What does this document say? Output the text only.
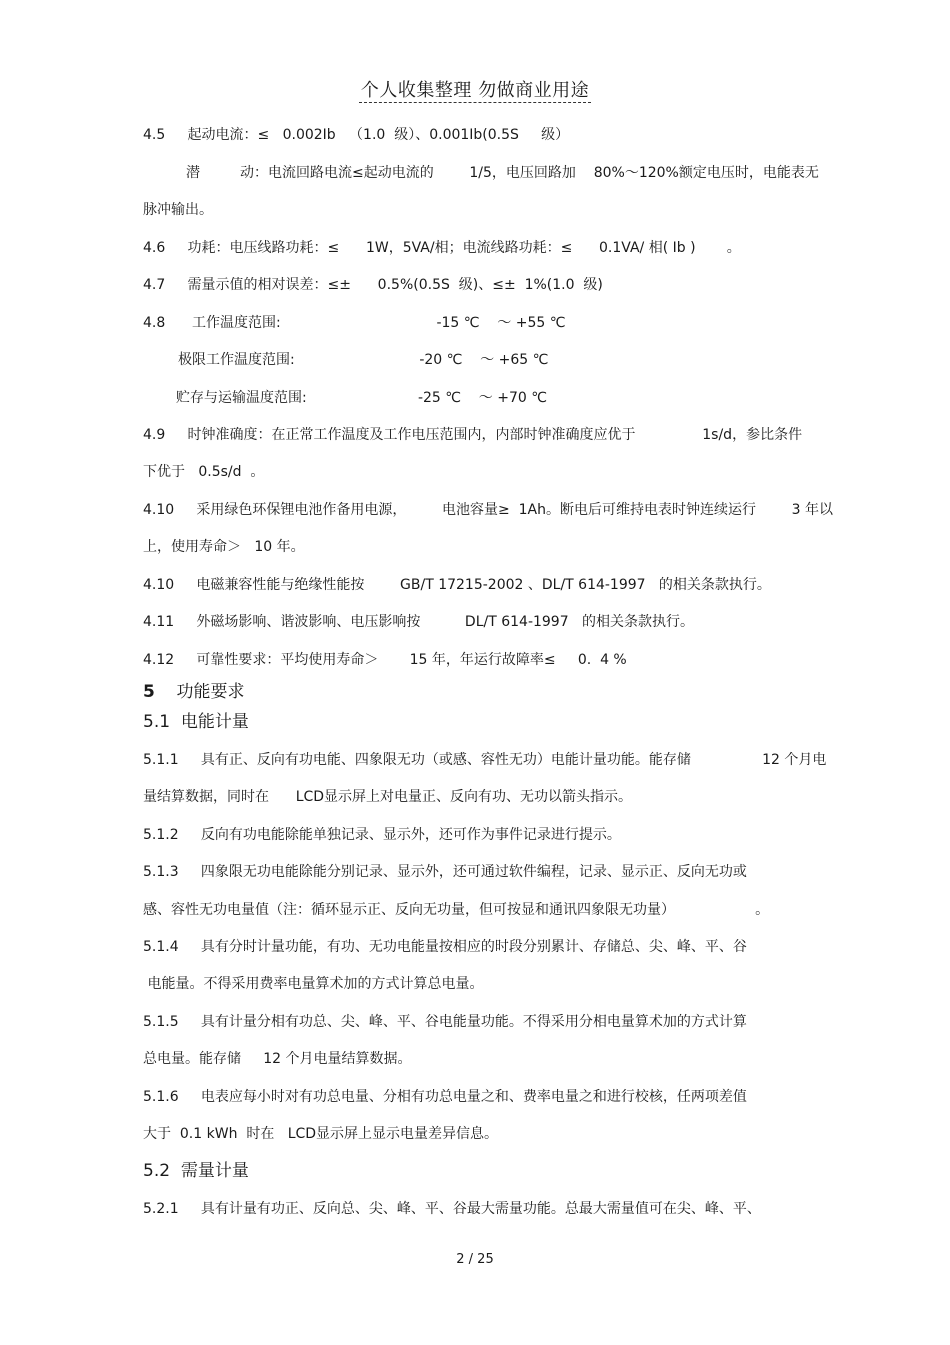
个人收集整理 勿做商业用途
4.5     起动电流：≤   0.002Ib   （1.0  级）、0.001Ib(0.5S     级）
潜         动：电流回路电流≤起动电流的        1/5，电压回路加    80%～120%额定电压时，电能表无
脉冲输出。
4.6     功耗：电压线路功耗：≤      1W，5VA/相；电流线路功耗：≤      0.1VA/ 相( Ib )       。
4.7     需量示值的相对误差：≤±      0.5%(0.5S  级)、≤±  1%(1.0  级)
4.8      工作温度范围:                                   -15 ℃    ～ +55 ℃
极限工作温度范围:                            -20 ℃    ～ +65 ℃
贮存与运输温度范围:                         -25 ℃    ～ +70 ℃
4.9     时钟准确度：在正常工作温度及工作电压范围内，内部时钟准确度应优于               1s/d，参比条件
下优于   0.5s/d  。
4.10     采用绿色环保锂电池作备用电源，        电池容量≥  1Ah。断电后可维持电表时钟连续运行        3 年以
上，使用寿命＞   10 年。
4.10     电磁兼容性能与绝缘性能按        GB/T 17215-2002 、DL/T 614-1997   的相关条款执行。
4.11     外磁场影响、谐波影响、电压影响按          DL/T 614-1997   的相关条款执行。
4.12     可靠性要求：平均使用寿命＞       15 年，年运行故障率≤     0.  4 %
5    功能要求
5.1  电能计量
5.1.1     具有正、反向有功电能、四象限无功（或感、容性无功）电能计量功能。能存储                12 个月电
量结算数据，同时在      LCD显示屏上对电量正、反向有功、无功以箭头指示。
5.1.2     反向有功电能除能单独记录、显示外，还可作为事件记录进行提示。
5.1.3     四象限无功电能除能分别记录、显示外，还可通过软件编程，记录、显示正、反向无功或
感、容性无功电量值（注：循环显示正、反向无功量，但可按显和通讯四象限无功量）                  。
5.1.4     具有分时计量功能，有功、无功电能量按相应的时段分别累计、存储总、尖、峰、平、谷
电能量。不得采用费率电量算术加的方式计算总电量。
5.1.5     具有计量分相有功总、尖、峰、平、谷电能量功能。不得采用分相电量算术加的方式计算
总电量。能存储     12 个月电量结算数据。
5.1.6     电表应每小时对有功总电量、分相有功总电量之和、费率电量之和进行校核，任两项差值
大于  0.1 kWh  时在   LCD显示屏上显示电量差异信息。
5.2  需量计量
5.2.1     具有计量有功正、反向总、尖、峰、平、谷最大需量功能。总最大需量值可在尖、峰、平、
2 / 25
